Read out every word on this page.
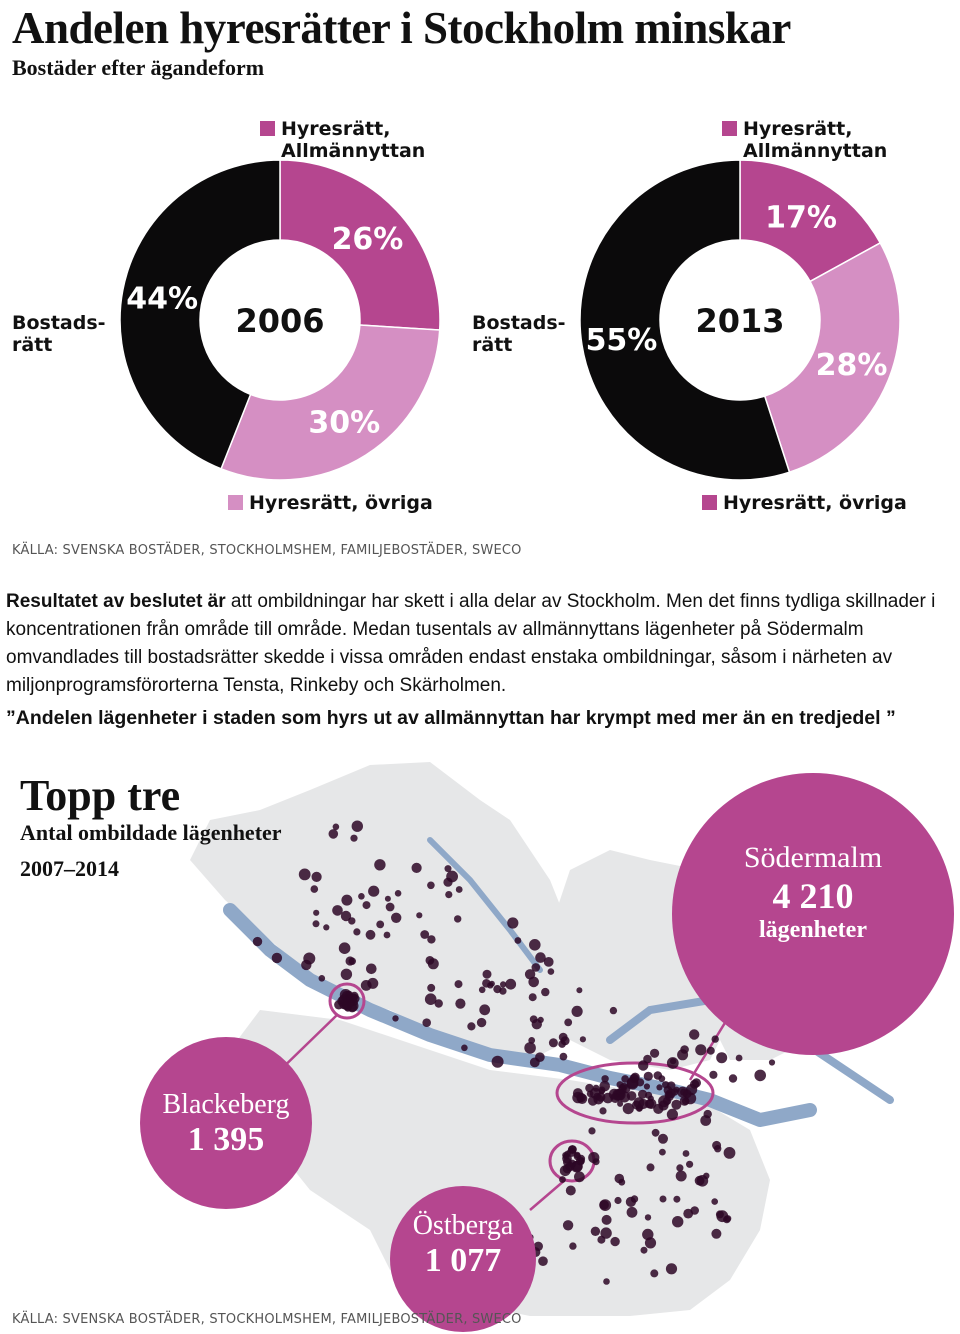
Andelen hyresrätter i Stockholm minskar
Bostäder efter ägandeform
26%
30%
44%
2006
17%
28%
55%
2013
Hyresrätt,
Allmännyttan
Hyresrätt,
Allmännyttan
Hyresrätt, övriga	Hyresrätt, övriga
Bostads-
rätt
Bostads-
rätt
KÄLLA: SVENSKA BOSTÄDER, STOCKHOLMSHEM, FAMILJEBOSTÄDER, SWECO
Resultatet av beslutet är att ombildningar har skett i alla delar av Stockholm. Men det finns tydliga skillnader i koncentrationen från område till område. Medan tusentals av allmännyttans lägenheter på Södermalm omvandlades till bostadsrätter skedde i vissa områden endast enstaka ombildningar, såsom i närheten av miljonprogramsförorterna Tensta, Rinkeby och Skärholmen.
”Andelen lägenheter i staden som hyrs ut av allmännyttan har krympt med mer än en tredjedel ”
Topp tre
Antal ombildade lägenheter
2007–2014	Södermalm
4 210
lägenheter
Blackeberg
1 395
Östberga
1 077
KÄLLA: SVENSKA BOSTÄDER, STOCKHOLMSHEM, FAMILJEBOSTÄDER, SWECO
